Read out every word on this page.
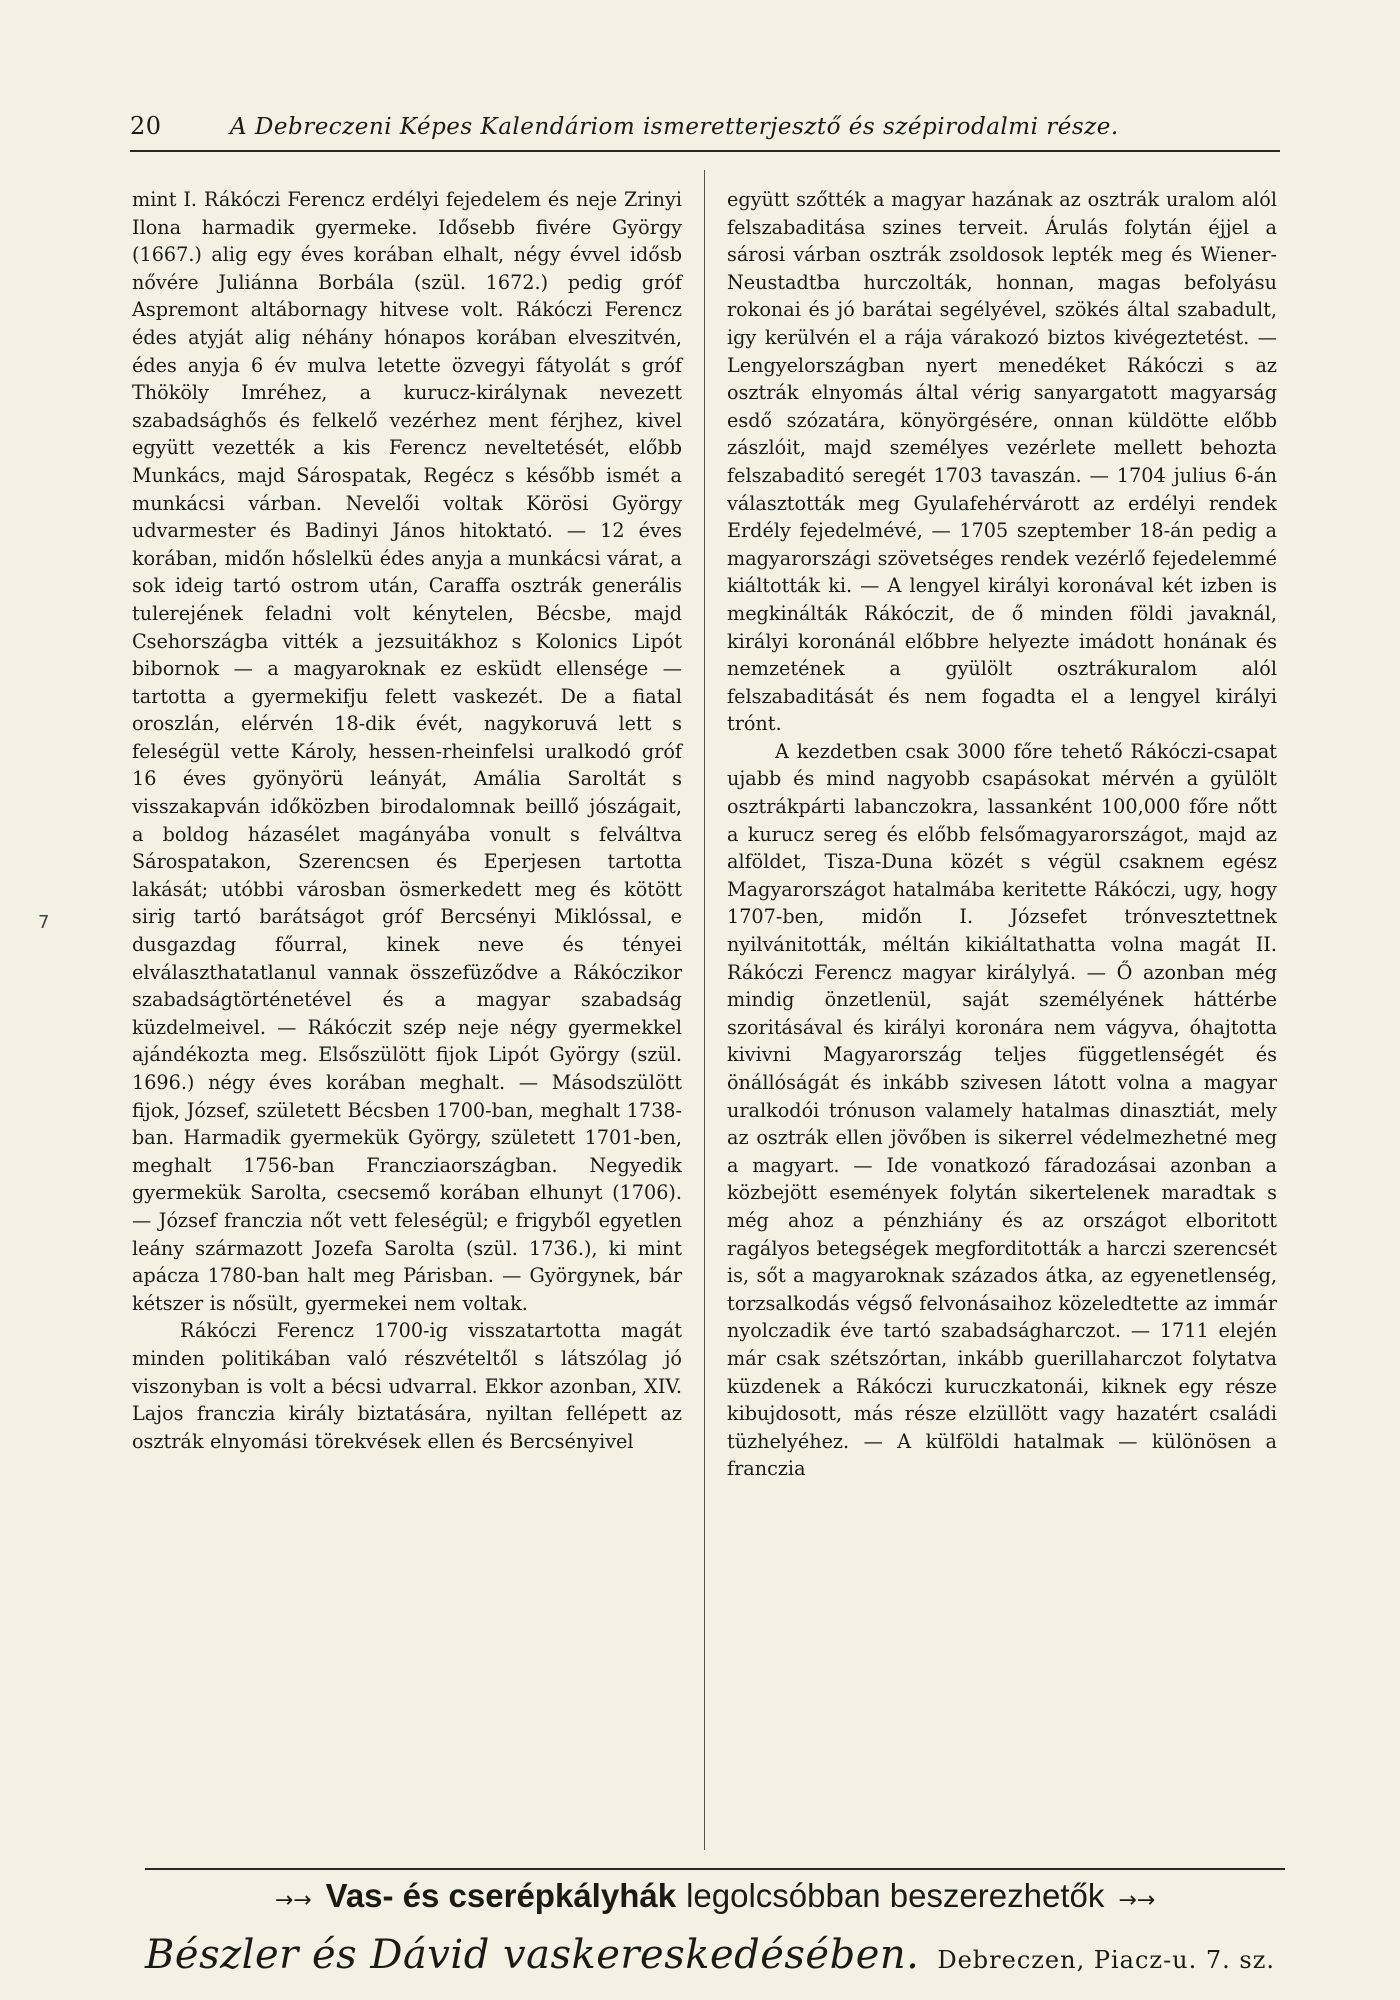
20	A Debreczeni Képes Kalendáriom ismeretterjesztő és szépirodalmi része.
7

mint I. Rákóczi Ferencz erdélyi fejedelem és neje Zrinyi Ilona harmadik gyermeke. Idősebb fivére György (1667.) alig egy éves korában elhalt, négy évvel idősb nővére Juliánna Borbála (szül. 1672.) pedig gróf Aspremont altábornagy hitvese volt. Rákóczi Ferencz édes atyját alig néhány hónapos korában elveszitvén, édes anyja 6 év mulva letette özvegyi fátyolát s gróf Thököly Imréhez, a kurucz-királynak nevezett szabadsághős és felkelő vezérhez ment férjhez, kivel együtt vezették a kis Ferencz neveltetését, előbb Munkács, majd Sárospatak, Regécz s később ismét a munkácsi várban. Nevelői voltak Körösi György udvarmester és Badinyi János hitoktató. — 12 éves korában, midőn hőslelkü édes anyja a munkácsi várat, a sok ideig tartó ostrom után, Caraffa osztrák generális tulerejének feladni volt kénytelen, Bécsbe, majd Csehországba vitték a jezsuitákhoz s Kolonics Lipót bibornok — a magyaroknak ez esküdt ellensége — tartotta a gyermekifju felett vaskezét. De a fiatal oroszlán, elérvén 18-dik évét, nagykoruvá lett s feleségül vette Károly, hessen-rheinfelsi uralkodó gróf 16 éves gyönyörü leányát, Amália Saroltát s visszakapván időközben birodalomnak beillő jószágait, a boldog házasélet magányába vonult s felváltva Sárospatakon, Szerencsen és Eperjesen tartotta lakását; utóbbi városban ösmerkedett meg és kötött sirig tartó barátságot gróf Bercsényi Miklóssal, e dusgazdag főurral, kinek neve és tényei elválaszthatatlanul vannak összefüződve a Rákóczikor szabadságtörténetével és a magyar szabadság küzdelmeivel. — Rákóczit szép neje négy gyermekkel ajándékozta meg. Elsőszülött fijok Lipót György (szül. 1696.) négy éves korában meghalt. — Másodszülött fijok, József, született Bécsben 1700-ban, meghalt 1738-ban. Harmadik gyermekük György, született 1701-ben, meghalt 1756-ban Francziaországban. Negyedik gyermekük Sarolta, csecsemő korában elhunyt (1706). — József franczia nőt vett feleségül; e frigyből egyetlen leány származott Jozefa Sarolta (szül. 1736.), ki mint apácza 1780-ban halt meg Párisban. — Györgynek, bár kétszer is nősült, gyermekei nem voltak.

Rákóczi Ferencz 1700-ig visszatartotta magát minden politikában való részvételtől s látszólag jó viszonyban is volt a bécsi udvarral. Ekkor azonban, XIV. Lajos franczia király biztatására, nyiltan fellépett az osztrák elnyomási törekvések ellen és Bercsényivel

együtt szőtték a magyar hazának az osztrák uralom alól felszabaditása szines terveit. Árulás folytán éjjel a sárosi várban osztrák zsoldosok lepték meg és Wiener-Neustadtba hurczolták, honnan, magas befolyásu rokonai és jó barátai segélyével, szökés által szabadult, igy kerülvén el a rája várakozó biztos kivégeztetést. — Lengyelországban nyert menedéket Rákóczi s az osztrák elnyomás által vérig sanyargatott magyarság esdő szózatára, könyörgésére, onnan küldötte előbb zászlóit, majd személyes vezérlete mellett behozta felszabaditó seregét 1703 tavaszán. — 1704 julius 6-án választották meg Gyulafehérvárott az erdélyi rendek Erdély fejedelmévé, — 1705 szeptember 18-án pedig a magyarországi szövetséges rendek vezérlő fejedelemmé kiáltották ki. — A lengyel királyi koronával két izben is megkinálták Rákóczit, de ő minden földi javaknál, királyi koronánál előbbre helyezte imádott honának és nemzetének a gyülölt osztrákuralom alól felszabaditását és nem fogadta el a lengyel királyi trónt.

A kezdetben csak 3000 főre tehető Rákóczi-csapat ujabb és mind nagyobb csapásokat mérvén a gyülölt osztrákpárti labanczokra, lassanként 100,000 főre nőtt a kurucz sereg és előbb felsőmagyarországot, majd az alföldet, Tisza-Duna közét s végül csaknem egész Magyarországot hatalmába keritette Rákóczi, ugy, hogy 1707-ben, midőn I. Józsefet trónvesztettnek nyilvánitották, méltán kikiáltathatta volna magát II. Rákóczi Ferencz magyar királylyá. — Ő azonban még mindig önzetlenül, saját személyének háttérbe szoritásával és királyi koronára nem vágyva, óhajtotta kivivni Magyarország teljes függetlenségét és önállóságát és inkább szivesen látott volna a magyar uralkodói trónuson valamely hatalmas dinasztiát, mely az osztrák ellen jövőben is sikerrel védelmezhetné meg a magyart. — Ide vonatkozó fáradozásai azonban a közbejött események folytán sikertelenek maradtak s még ahoz a pénzhiány és az országot elboritott ragályos betegségek megforditották a harczi szerencsét is, sőt a magyaroknak százados átka, az egyenetlenség, torzsalkodás végső felvonásaihoz közeledtette az immár nyolczadik éve tartó szabadságharczot. — 1711 elején már csak szétszórtan, inkább guerillaharczot folytatva küzdenek a Rákóczi kuruczkatonái, kiknek egy része kibujdosott, más része elzüllött vagy hazatért családi tüzhelyéhez. — A külföldi hatalmak — különösen a franczia

→→ Vas- és cserépkályhák legolcsóbban beszerezhetők →→
Bészler és Dávid vaskereskedésében. Debreczen, Piacz-u. 7. sz.
